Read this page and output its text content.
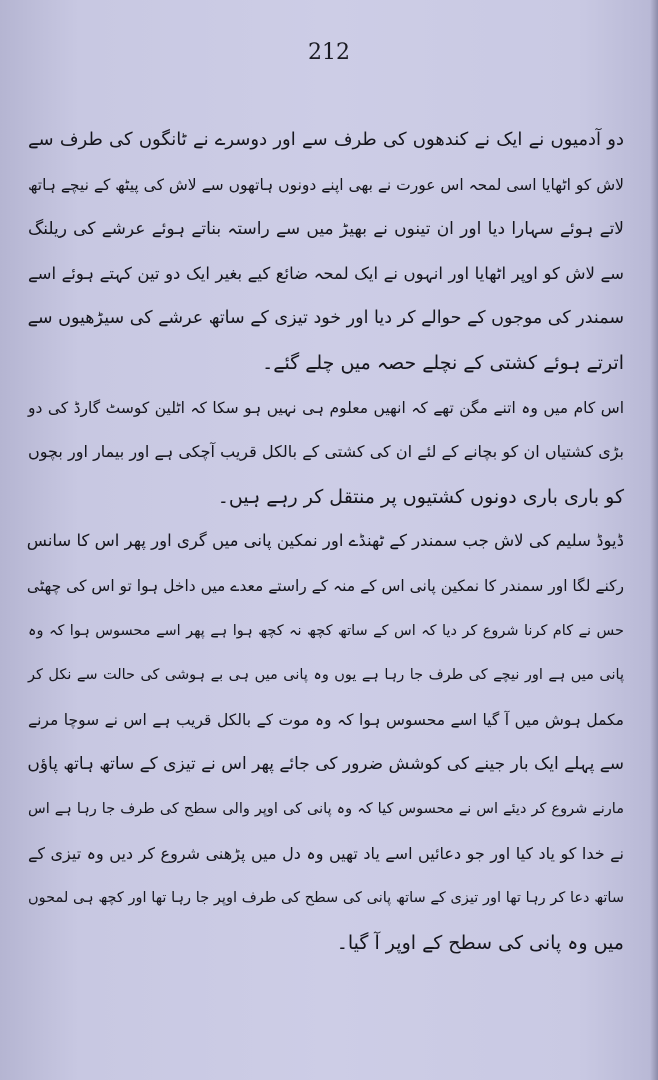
212
دو آدمیوں نے ایک نے کندھوں کی طرف سے اور دوسرے نے ٹانگوں کی طرف سے
لاش کو اٹھایا اسی لمحہ اس عورت نے بھی اپنے دونوں ہاتھوں سے لاش کی پیٹھ کے نیچے ہاتھ
لاتے ہوئے سہارا دیا اور ان تینوں نے بھیڑ میں سے راستہ بناتے ہوئے عرشے کی ریلنگ
سے لاش کو اوپر اٹھایا اور انہوں نے ایک لمحہ ضائع کیے بغیر ایک دو تین کہتے ہوئے اسے
سمندر کی موجوں کے حوالے کر دیا اور خود تیزی کے ساتھ عرشے کی سیڑھیوں سے
اترتے ہوئے کشتی کے نچلے حصہ میں چلے گئے۔
اس کام میں وہ اتنے مگن تھے کہ انھیں معلوم ہی نہیں ہو سکا کہ اٹلین کوسٹ گارڈ کی دو
بڑی کشتیاں ان کو بچانے کے لئے ان کی کشتی کے بالکل قریب آچکی ہے اور بیمار اور بچوں
کو باری باری دونوں کشتیوں پر منتقل کر رہے ہیں۔
ڈیوڈ سلیم کی لاش جب سمندر کے ٹھنڈے اور نمکین پانی میں گری اور پھر اس کا سانس
رکنے لگا اور سمندر کا نمکین پانی اس کے منہ کے راستے معدے میں داخل ہوا تو اس کی چھٹی
حس نے کام کرنا شروع کر دیا کہ اس کے ساتھ کچھ نہ کچھ ہوا ہے پھر اسے محسوس ہوا کہ وہ
پانی میں ہے اور نیچے کی طرف جا رہا ہے یوں وہ پانی میں ہی بے ہوشی کی حالت سے نکل کر
مکمل ہوش میں آ گیا اسے محسوس ہوا کہ وہ موت کے بالکل قریب ہے اس نے سوچا مرنے
سے پہلے ایک بار جینے کی کوشش ضرور کی جائے پھر اس نے تیزی کے ساتھ ہاتھ پاؤں
مارنے شروع کر دیئے اس نے محسوس کیا کہ وہ پانی کی اوپر والی سطح کی طرف جا رہا ہے اس
نے خدا کو یاد کیا اور جو دعائیں اسے یاد تھیں وہ دل میں پڑھنی شروع کر دیں وہ تیزی کے
ساتھ دعا کر رہا تھا اور تیزی کے ساتھ پانی کی سطح کی طرف اوپر جا رہا تھا اور کچھ ہی لمحوں
میں وہ پانی کی سطح کے اوپر آ گیا۔
